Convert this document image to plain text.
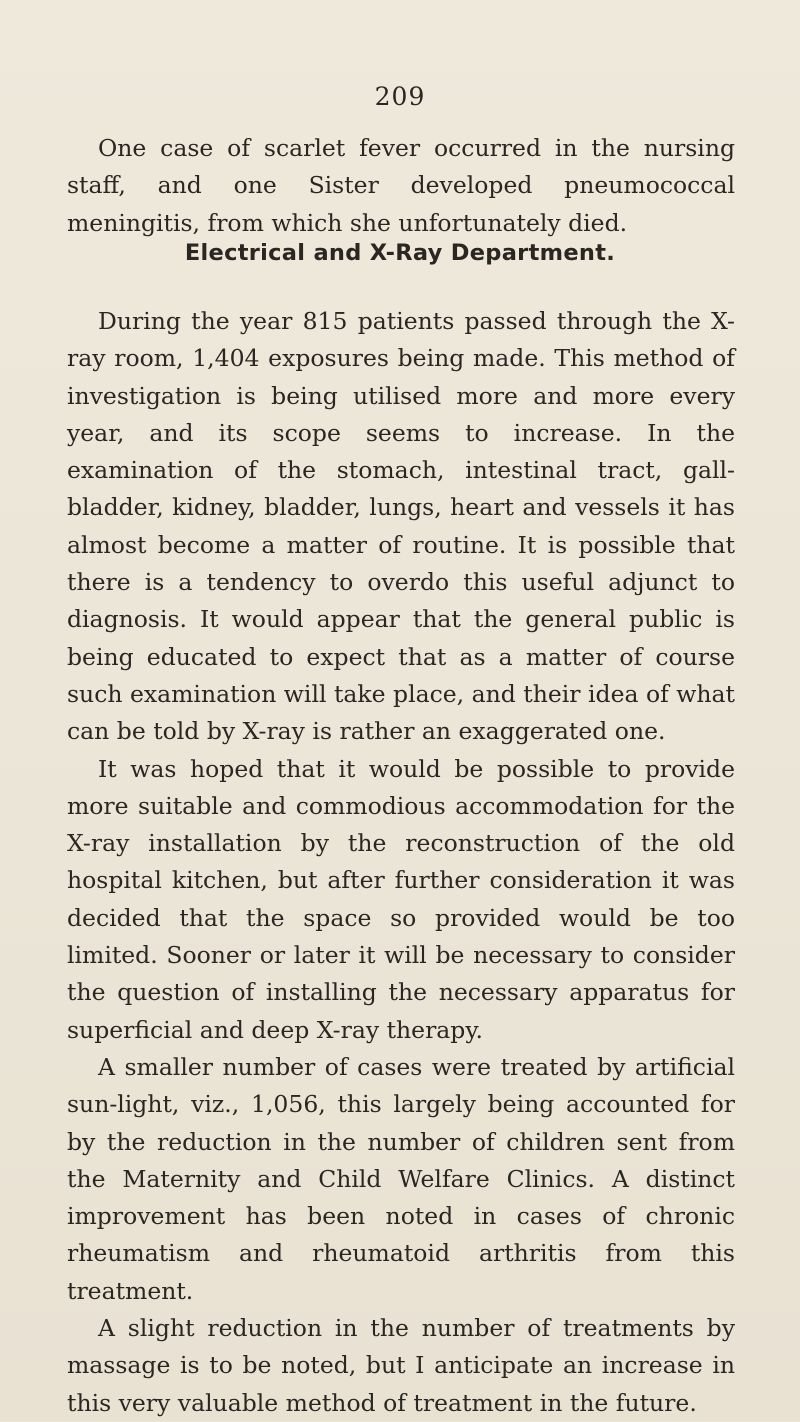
209

One case of scarlet fever occurred in the nursing staff, and one Sister developed pneumococcal meningitis, from which she unfortunately died.

Electrical and X-Ray Department.

During the year 815 patients passed through the X-ray room, 1,404 exposures being made. This method of investigation is being utilised more and more every year, and its scope seems to increase. In the examination of the stomach, intestinal tract, gall-bladder, kidney, bladder, lungs, heart and vessels it has almost become a matter of routine. It is possible that there is a tendency to overdo this useful adjunct to diagnosis. It would appear that the general public is being educated to expect that as a matter of course such examination will take place, and their idea of what can be told by X-ray is rather an exaggerated one.

It was hoped that it would be possible to provide more suitable and commodious accommodation for the X-ray installation by the reconstruction of the old hospital kitchen, but after further consideration it was decided that the space so provided would be too limited. Sooner or later it will be necessary to consider the question of installing the necessary apparatus for superficial and deep X-ray therapy.

A smaller number of cases were treated by artificial sun-light, viz., 1,056, this largely being accounted for by the reduction in the number of children sent from the Maternity and Child Welfare Clinics. A distinct improvement has been noted in cases of chronic rheumatism and rheumatoid arthritis from this treatment.

A slight reduction in the number of treatments by massage is to be noted, but I anticipate an increase in this very valuable method of treatment in the future.
